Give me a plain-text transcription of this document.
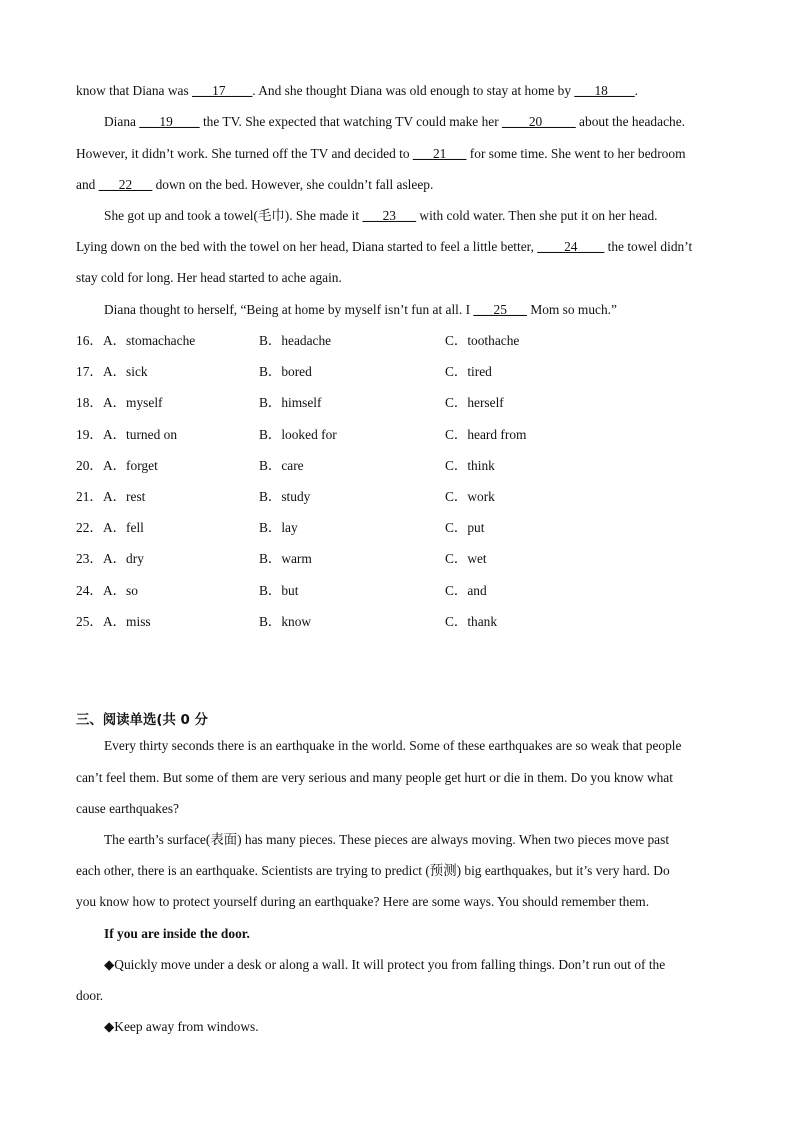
know that Diana was ___17____. And she thought Diana was old enough to stay at home by ___18____.
Diana ___19____ the TV. She expected that watching TV could make her ____20_____ about the headache.
However, it didn’t work. She turned off the TV and decided to ___21___ for some time. She went to her bedroom
and ___22___ down on the bed. However, she couldn’t fall asleep.
She got up and took a towel(毛巾). She made it ___23___ with cold water. Then she put it on her head.
Lying down on the bed with the towel on her head, Diana started to feel a little better, ____24____ the towel didn’t
stay cold for long. Her head started to ache again.
Diana thought to herself, “Being at home by myself isn’t fun at all. I ___25___ Mom so much.”
16． A．stomachache	B．headache	C．toothache
17． A．sick	B．bored	C．tired
18． A．myself	B．himself	C．herself
19． A．turned on	B．looked for	C．heard from
20． A．forget	B．care	C．think
21． A．rest	B．study	C．work
22． A．fell	B．lay	C．put
23． A．dry	B．warm	C．wet
24． A．so	B．but	C．and
25． A．miss	B．know	C．thank
三、阅读单选(共 0 分
Every thirty seconds there is an earthquake in the world. Some of these earthquakes are so weak that people
can’t feel them. But some of them are very serious and many people get hurt or die in them. Do you know what
cause earthquakes?
The earth’s surface(表面) has many pieces. These pieces are always moving. When two pieces move past
each other, there is an earthquake. Scientists are trying to predict (预测) big earthquakes, but it’s very hard. Do
you know how to protect yourself during an earthquake? Here are some ways. You should remember them.
If you are inside the door.
◆Quickly move under a desk or along a wall. It will protect you from falling things. Don’t run out of the
door.
◆Keep away from windows.
